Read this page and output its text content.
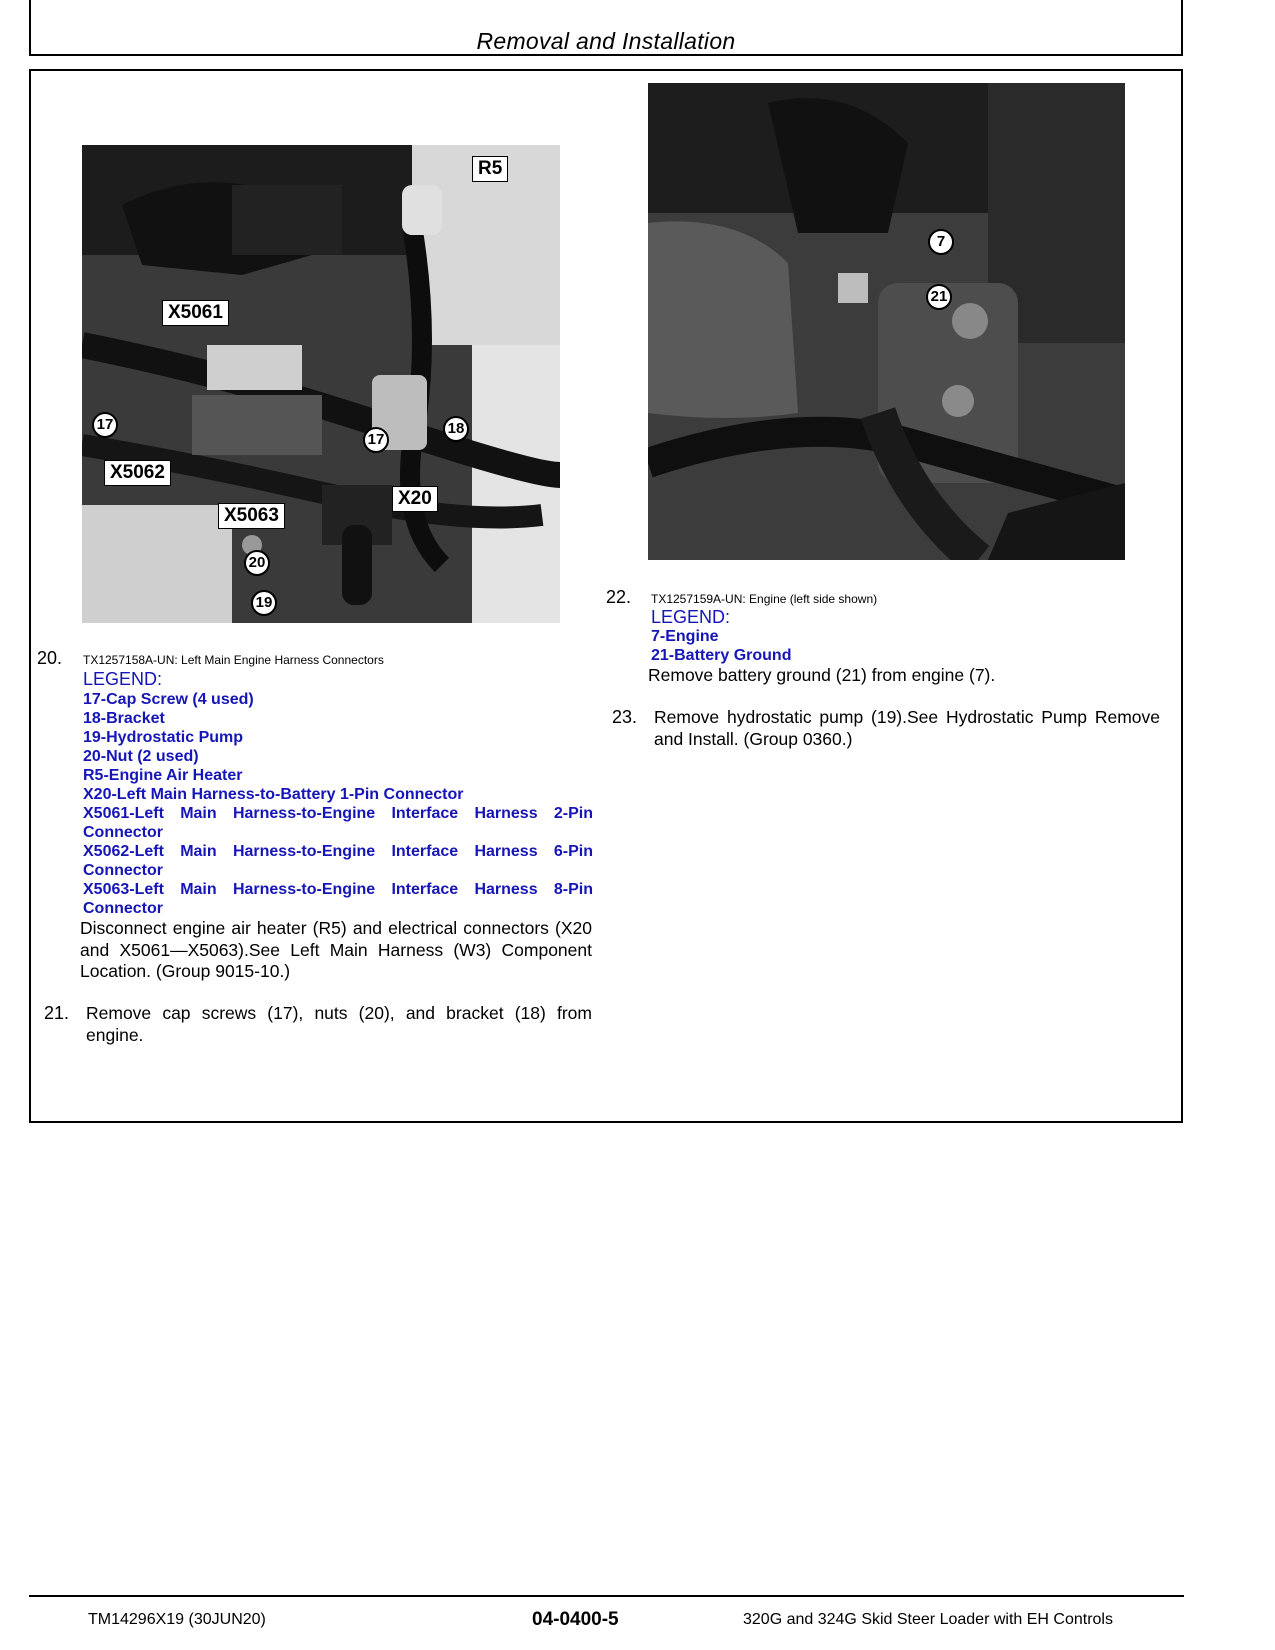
Removal and Installation
R5
X5061
X5062
X5063
X20
17
17
18
20
19
7
21
20. TX1257158A-UN: Left Main Engine Harness Connectors
LEGEND:
17-Cap Screw (4 used)
18-Bracket
19-Hydrostatic Pump
20-Nut (2 used)
R5-Engine Air Heater
X20-Left Main Harness-to-Battery 1-Pin Connector
X5061-Left Main Harness-to-Engine Interface Harness 2-Pin
Connector
X5062-Left Main Harness-to-Engine Interface Harness 6-Pin
Connector
X5063-Left Main Harness-to-Engine Interface Harness 8-Pin
Connector
Disconnect engine air heater (R5) and electrical connectors (X20 and X5061—X5063).See Left Main Harness (W3) Component Location. (Group 9015-10.)
21. Remove cap screws (17), nuts (20), and bracket (18) from engine.
22. TX1257159A-UN: Engine (left side shown)
LEGEND:
7-Engine
21-Battery Ground
Remove battery ground (21) from engine (7).
23. Remove hydrostatic pump (19).See Hydrostatic Pump Remove and Install. (Group 0360.)
TM14296X19 (30JUN20)	04-0400-5	320G and 324G Skid Steer Loader with EH Controls
